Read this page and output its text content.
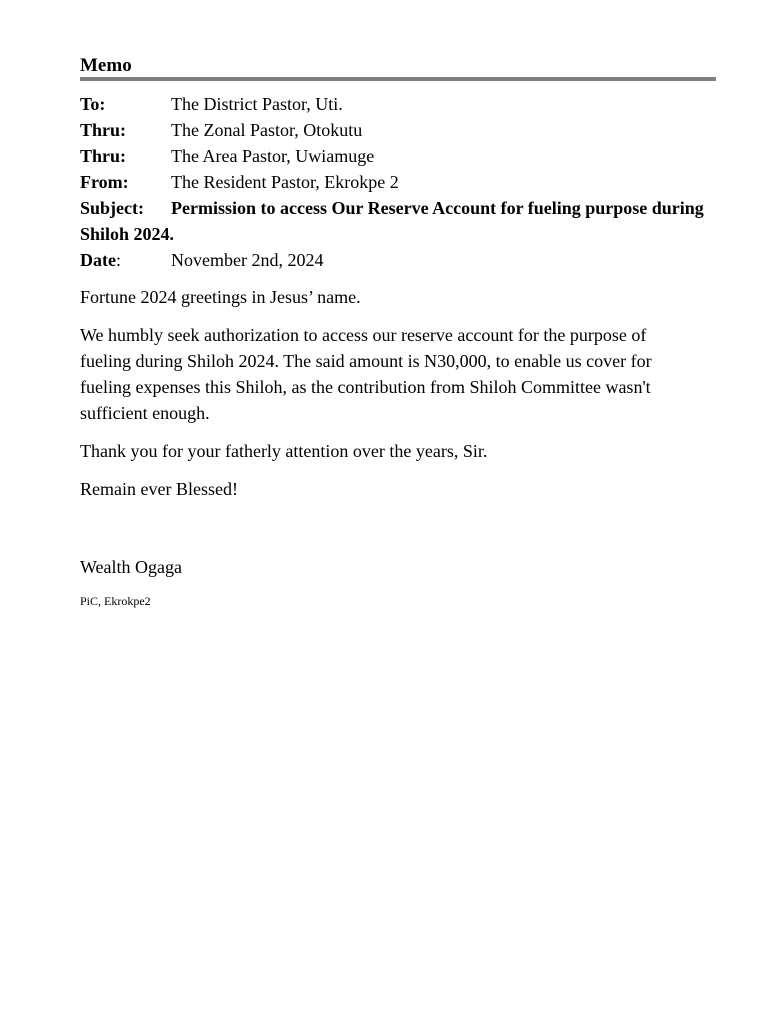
Memo
To:	The District Pastor, Uti.
Thru: The Zonal Pastor, Otokutu
Thru: The Area Pastor, Uwiamuge
From: The Resident Pastor, Ekrokpe 2
Subject: Permission to access Our Reserve Account for fueling purpose during Shiloh 2024.
Date:	November 2nd, 2024

Fortune 2024 greetings in Jesus’ name.

We humbly seek authorization to access our reserve account for the purpose of fueling during Shiloh 2024. The said amount is N30,000, to enable us cover for fueling expenses this Shiloh, as the contribution from Shiloh Committee wasn't sufficient enough.

Thank you for your fatherly attention over the years, Sir.

Remain ever Blessed!

Wealth Ogaga
PiC, Ekrokpe2
